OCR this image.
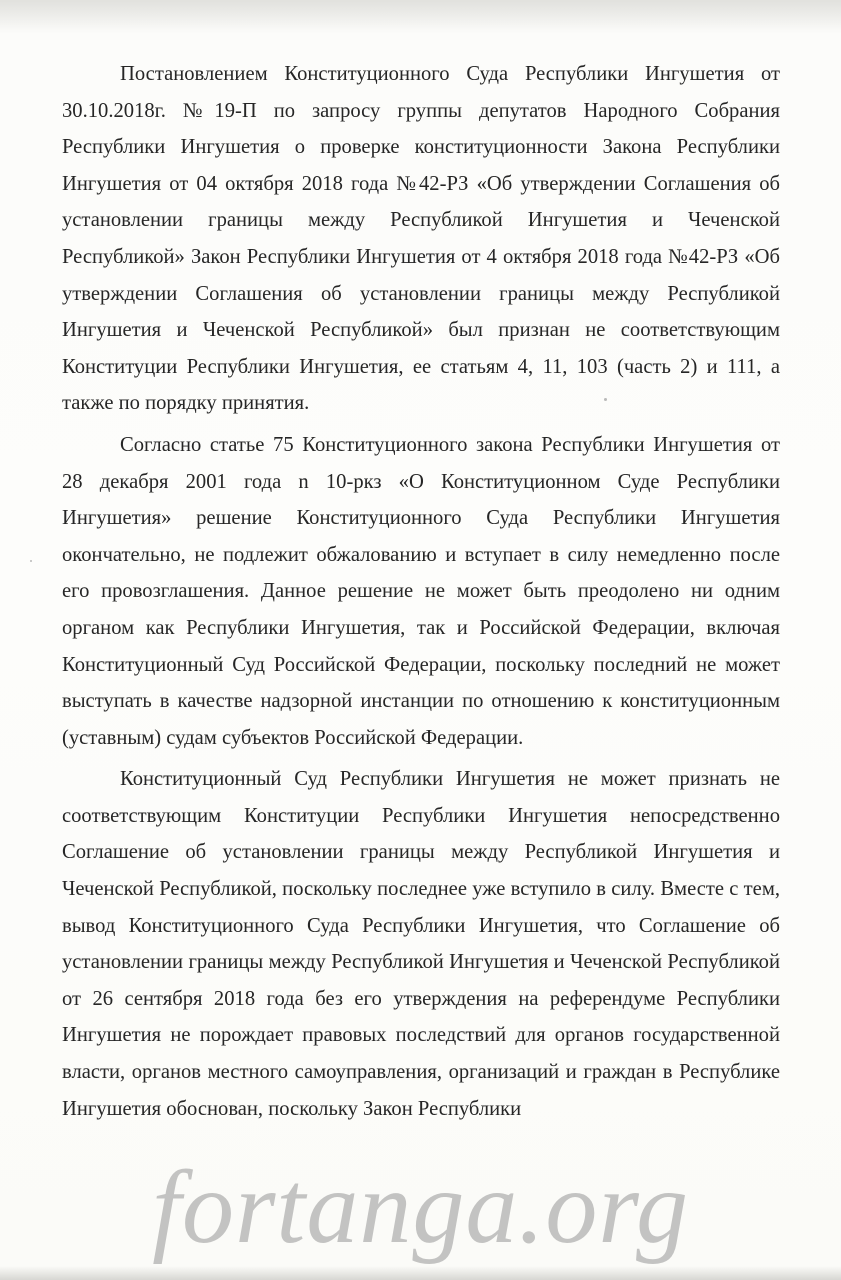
Постановлением Конституционного Суда Республики Ингушетия от 30.10.2018г. №19-П по запросу группы депутатов Народного Собрания Республики Ингушетия о проверке конституционности Закона Республики Ингушетия от 04 октября 2018 года №42-РЗ «Об утверждении Соглашения об установлении границы между Республикой Ингушетия и Чеченской Республикой» Закон Республики Ингушетия от 4 октября 2018 года №42-РЗ «Об утверждении Соглашения об установлении границы между Республикой Ингушетия и Чеченской Республикой» был признан не соответствующим Конституции Республики Ингушетия, ее статьям 4, 11, 103 (часть 2) и 111, а также по порядку принятия.

Согласно статье 75 Конституционного закона Республики Ингушетия от 28 декабря 2001 года n 10-ркз «О Конституционном Суде Республики Ингушетия» решение Конституционного Суда Республики Ингушетия окончательно, не подлежит обжалованию и вступает в силу немедленно после его провозглашения. Данное решение не может быть преодолено ни одним органом как Республики Ингушетия, так и Российской Федерации, включая Конституционный Суд Российской Федерации, поскольку последний не может выступать в качестве надзорной инстанции по отношению к конституционным (уставным) судам субъектов Российской Федерации.

Конституционный Суд Республики Ингушетия не может признать не соответствующим Конституции Республики Ингушетия непосредственно Соглашение об установлении границы между Республикой Ингушетия и Чеченской Республикой, поскольку последнее уже вступило в силу. Вместе с тем, вывод Конституционного Суда Республики Ингушетия, что Соглашение об установлении границы между Республикой Ингушетия и Чеченской Республикой от 26 сентября 2018 года без его утверждения на референдуме Республики Ингушетия не порождает правовых последствий для органов государственной власти, органов местного самоуправления, организаций и граждан в Республике Ингушетия обоснован, поскольку Закон Республики

fortanga.org
